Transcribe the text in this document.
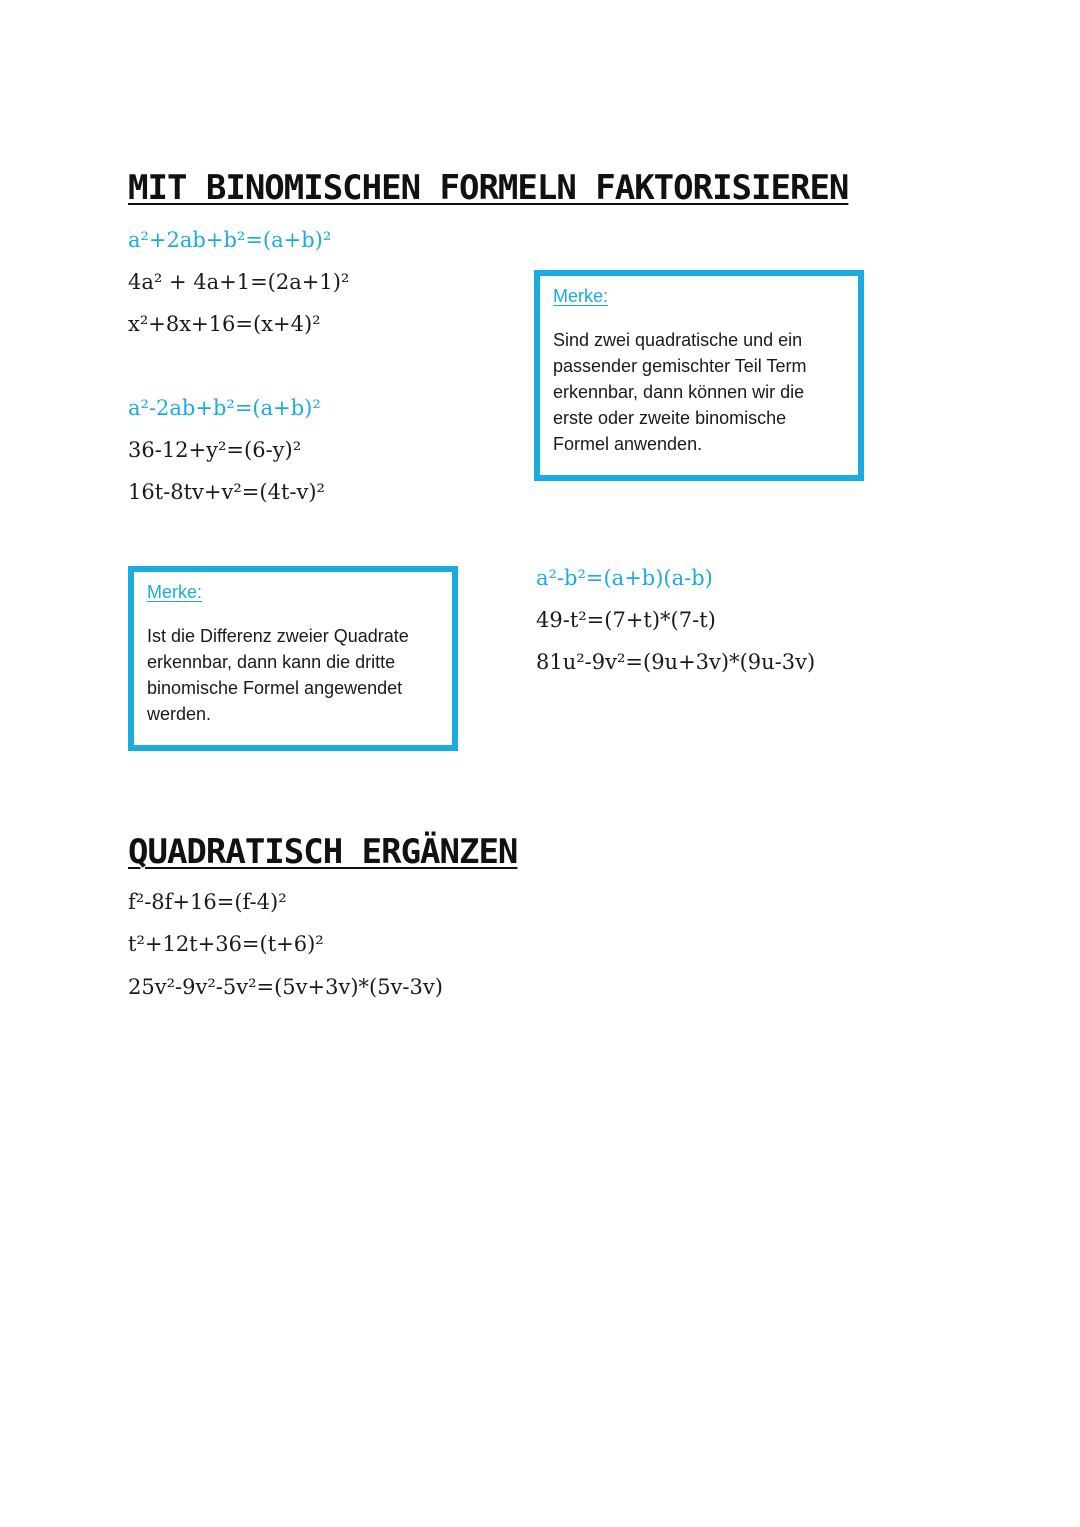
MIT BINOMISCHEN FORMELN FAKTORISIEREN
a²+2ab+b²=(a+b)²
4a² + 4a+1=(2a+1)²
x²+8x+16=(x+4)²
a²-2ab+b²=(a+b)²
36-12+y²=(6-y)²
16t-8tv+v²=(4t-v)²
Merke:
Sind zwei quadratische und ein passender gemischter Teil Term erkennbar, dann können wir die erste oder zweite binomische Formel anwenden.
Merke:
Ist die Differenz zweier Quadrate erkennbar, dann kann die dritte binomische Formel angewendet werden.
a²-b²=(a+b)(a-b)
49-t²=(7+t)*(7-t)
81u²-9v²=(9u+3v)*(9u-3v)
QUADRATISCH ERGÄNZEN
f²-8f+16=(f-4)²
t²+12t+36=(t+6)²
25v²-9v²-5v²=(5v+3v)*(5v-3v)
